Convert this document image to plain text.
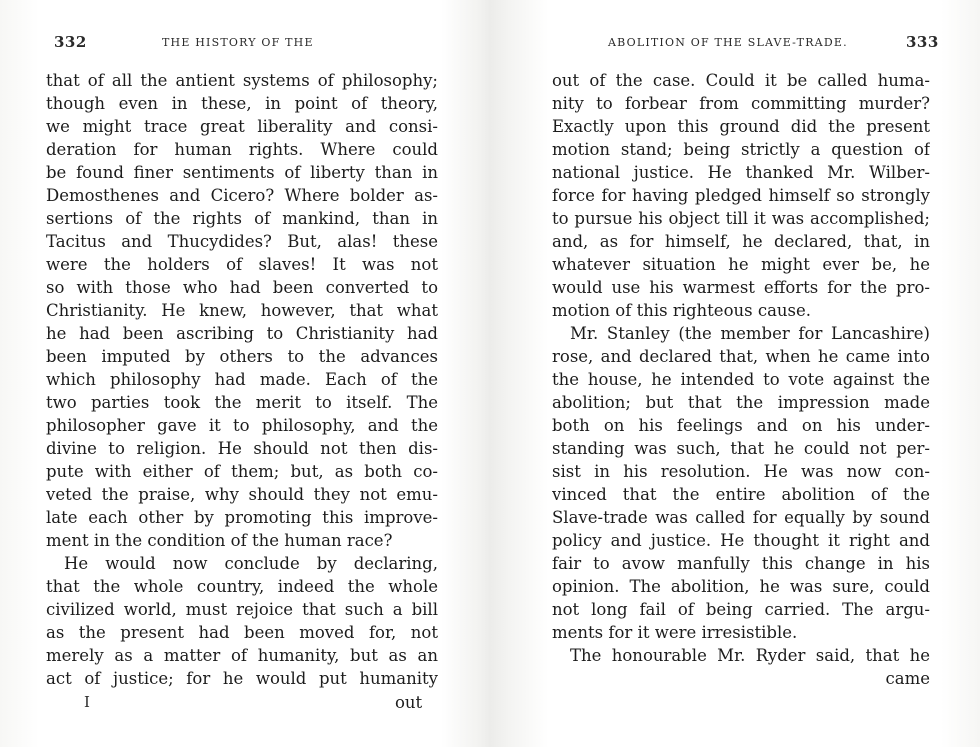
332	THE HISTORY OF THE
that of all the antient systems of philosophy;
though even in these, in point of theory,
we might trace great liberality and consi-
deration for human rights. Where could
be found finer sentiments of liberty than in
Demosthenes and Cicero? Where bolder as-
sertions of the rights of mankind, than in
Tacitus and Thucydides? But, alas! these
were the holders of slaves! It was not
so with those who had been converted to
Christianity. He knew, however, that what
he had been ascribing to Christianity had
been imputed by others to the advances
which philosophy had made. Each of the
two parties took the merit to itself. The
philosopher gave it to philosophy, and the
divine to religion. He should not then dis-
pute with either of them; but, as both co-
veted the praise, why should they not emu-
late each other by promoting this improve-
ment in the condition of the human race?
He would now conclude by declaring,
that the whole country, indeed the whole
civilized world, must rejoice that such a bill
as the present had been moved for, not
merely as a matter of humanity, but as an
act of justice; for he would put humanity
I	out
ABOLITION OF THE SLAVE-TRADE.	333
out of the case. Could it be called huma-
nity to forbear from committing murder?
Exactly upon this ground did the present
motion stand; being strictly a question of
national justice. He thanked Mr. Wilber-
force for having pledged himself so strongly
to pursue his object till it was accomplished;
and, as for himself, he declared, that, in
whatever situation he might ever be, he
would use his warmest efforts for the pro-
motion of this righteous cause.
Mr. Stanley (the member for Lancashire)
rose, and declared that, when he came into
the house, he intended to vote against the
abolition; but that the impression made
both on his feelings and on his under-
standing was such, that he could not per-
sist in his resolution. He was now con-
vinced that the entire abolition of the
Slave-trade was called for equally by sound
policy and justice. He thought it right and
fair to avow manfully this change in his
opinion. The abolition, he was sure, could
not long fail of being carried. The argu-
ments for it were irresistible.
The honourable Mr. Ryder said, that he
came
